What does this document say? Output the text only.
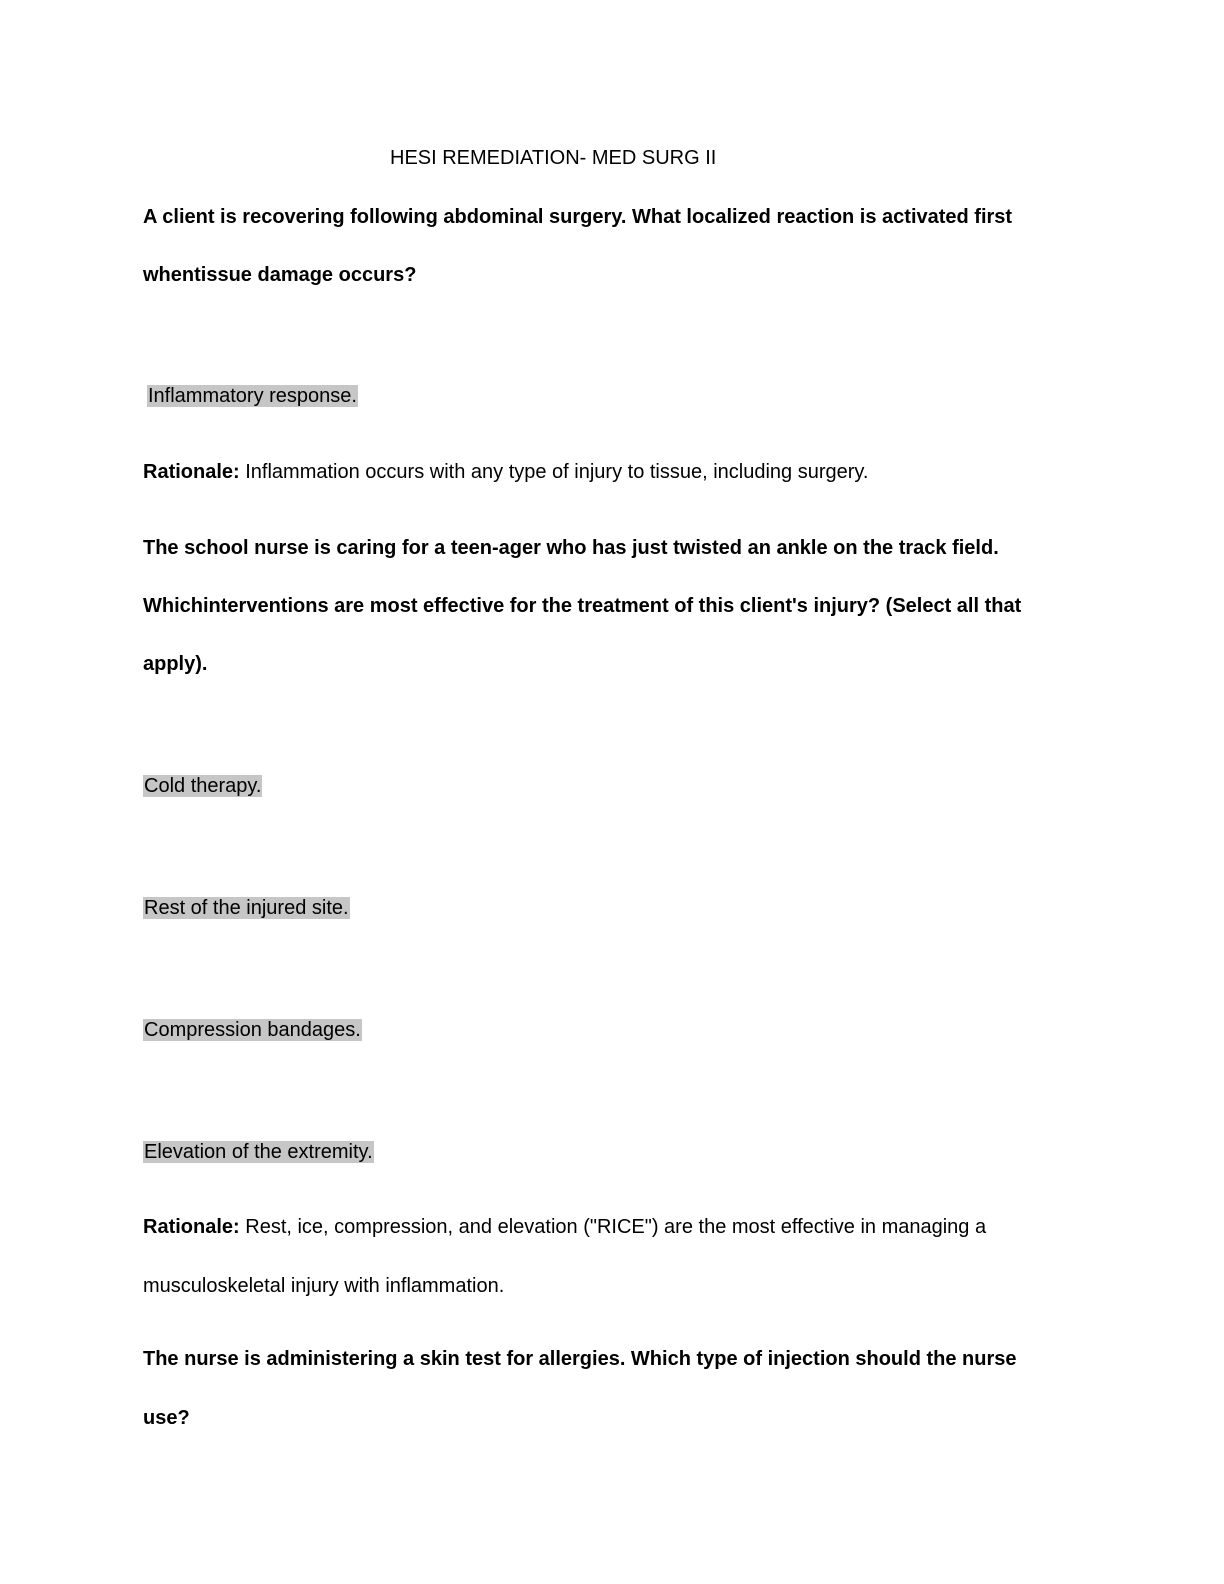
HESI REMEDIATION- MED SURG II
A client is recovering following abdominal surgery. What localized reaction is activated first
whentissue damage occurs?
Inflammatory response.
Rationale: Inflammation occurs with any type of injury to tissue, including surgery.
The school nurse is caring for a teen-ager who has just twisted an ankle on the track field.
Whichinterventions are most effective for the treatment of this client's injury? (Select all that
apply).
Cold therapy.
Rest of the injured site.
Compression bandages.
Elevation of the extremity.
Rationale: Rest, ice, compression, and elevation ("RICE") are the most effective in managing a
musculoskeletal injury with inflammation.
The nurse is administering a skin test for allergies. Which type of injection should the nurse
use?
